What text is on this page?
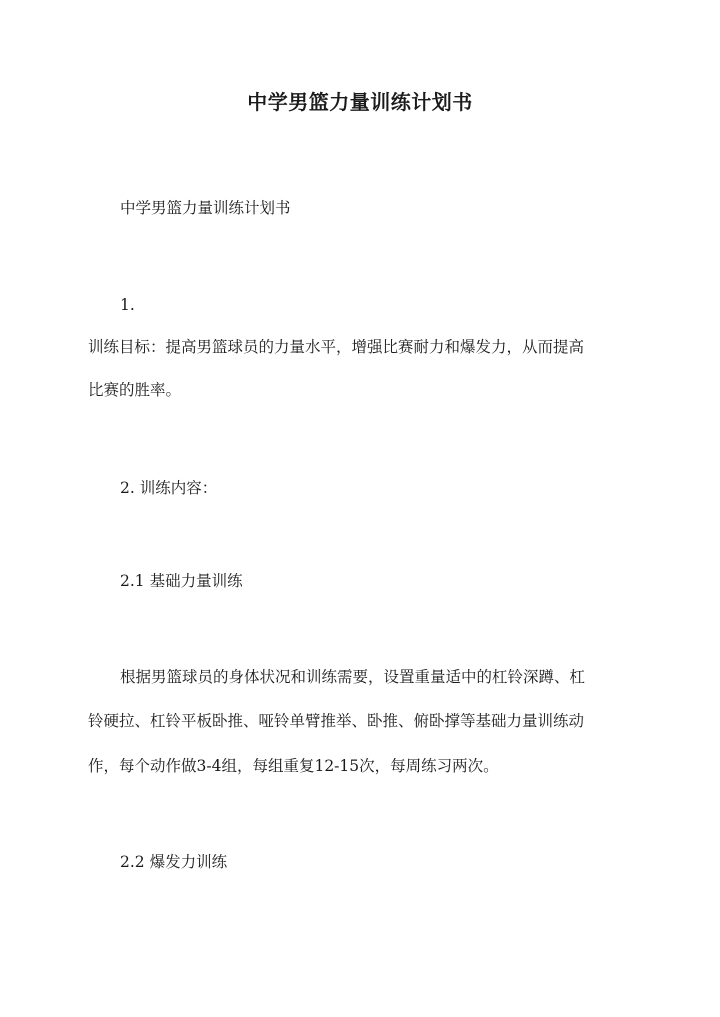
中学男篮力量训练计划书
中学男篮力量训练计划书
1.
训练目标：提高男篮球员的力量水平，增强比赛耐力和爆发力，从而提高
比赛的胜率。
2. 训练内容：
2.1 基础力量训练
根据男篮球员的身体状况和训练需要，设置重量适中的杠铃深蹲、杠
铃硬拉、杠铃平板卧推、哑铃单臂推举、卧推、俯卧撑等基础力量训练动
作，每个动作做3-4组，每组重复12-15次，每周练习两次。
2.2 爆发力训练
